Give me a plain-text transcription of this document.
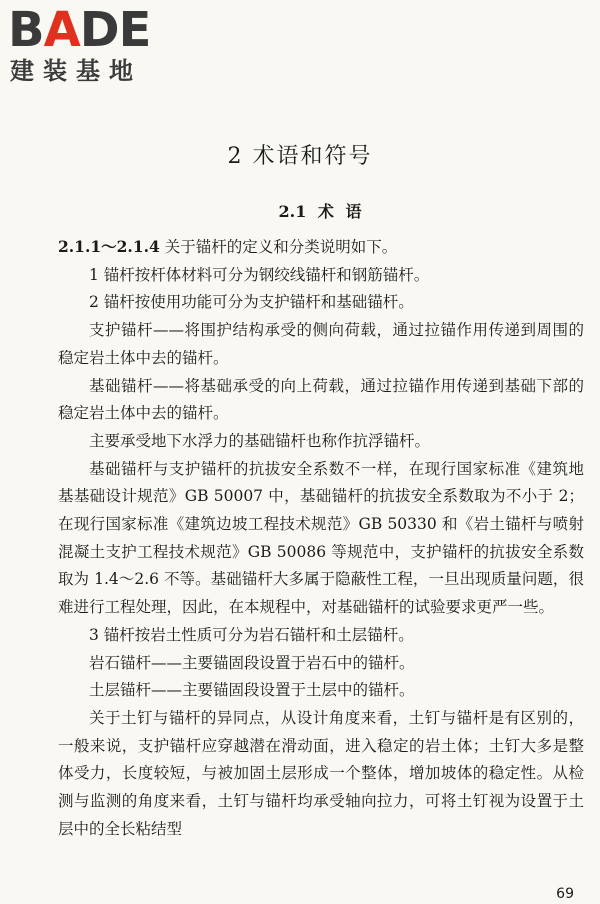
BADE
建装基地
2 术语和符号
2.1 术 语

2.1.1～2.1.4 关于锚杆的定义和分类说明如下。

1 锚杆按杆体材料可分为钢绞线锚杆和钢筋锚杆。

2 锚杆按使用功能可分为支护锚杆和基础锚杆。

支护锚杆——将围护结构承受的侧向荷载，通过拉锚作用传递到周围的稳定岩土体中去的锚杆。

基础锚杆——将基础承受的向上荷载，通过拉锚作用传递到基础下部的稳定岩土体中去的锚杆。

主要承受地下水浮力的基础锚杆也称作抗浮锚杆。

基础锚杆与支护锚杆的抗拔安全系数不一样，在现行国家标准《建筑地基基础设计规范》GB 50007 中，基础锚杆的抗拔安全系数取为不小于 2；在现行国家标准《建筑边坡工程技术规范》GB 50330 和《岩土锚杆与喷射混凝土支护工程技术规范》GB 50086 等规范中，支护锚杆的抗拔安全系数取为 1.4～2.6 不等。基础锚杆大多属于隐蔽性工程，一旦出现质量问题，很难进行工程处理，因此，在本规程中，对基础锚杆的试验要求更严一些。

3 锚杆按岩土性质可分为岩石锚杆和土层锚杆。

岩石锚杆——主要锚固段设置于岩石中的锚杆。

土层锚杆——主要锚固段设置于土层中的锚杆。

关于土钉与锚杆的异同点，从设计角度来看，土钉与锚杆是有区别的，一般来说，支护锚杆应穿越潜在滑动面，进入稳定的岩土体；土钉大多是整体受力，长度较短，与被加固土层形成一个整体，增加坡体的稳定性。从检测与监测的角度来看，土钉与锚杆均承受轴向拉力，可将土钉视为设置于土层中的全长粘结型

69
